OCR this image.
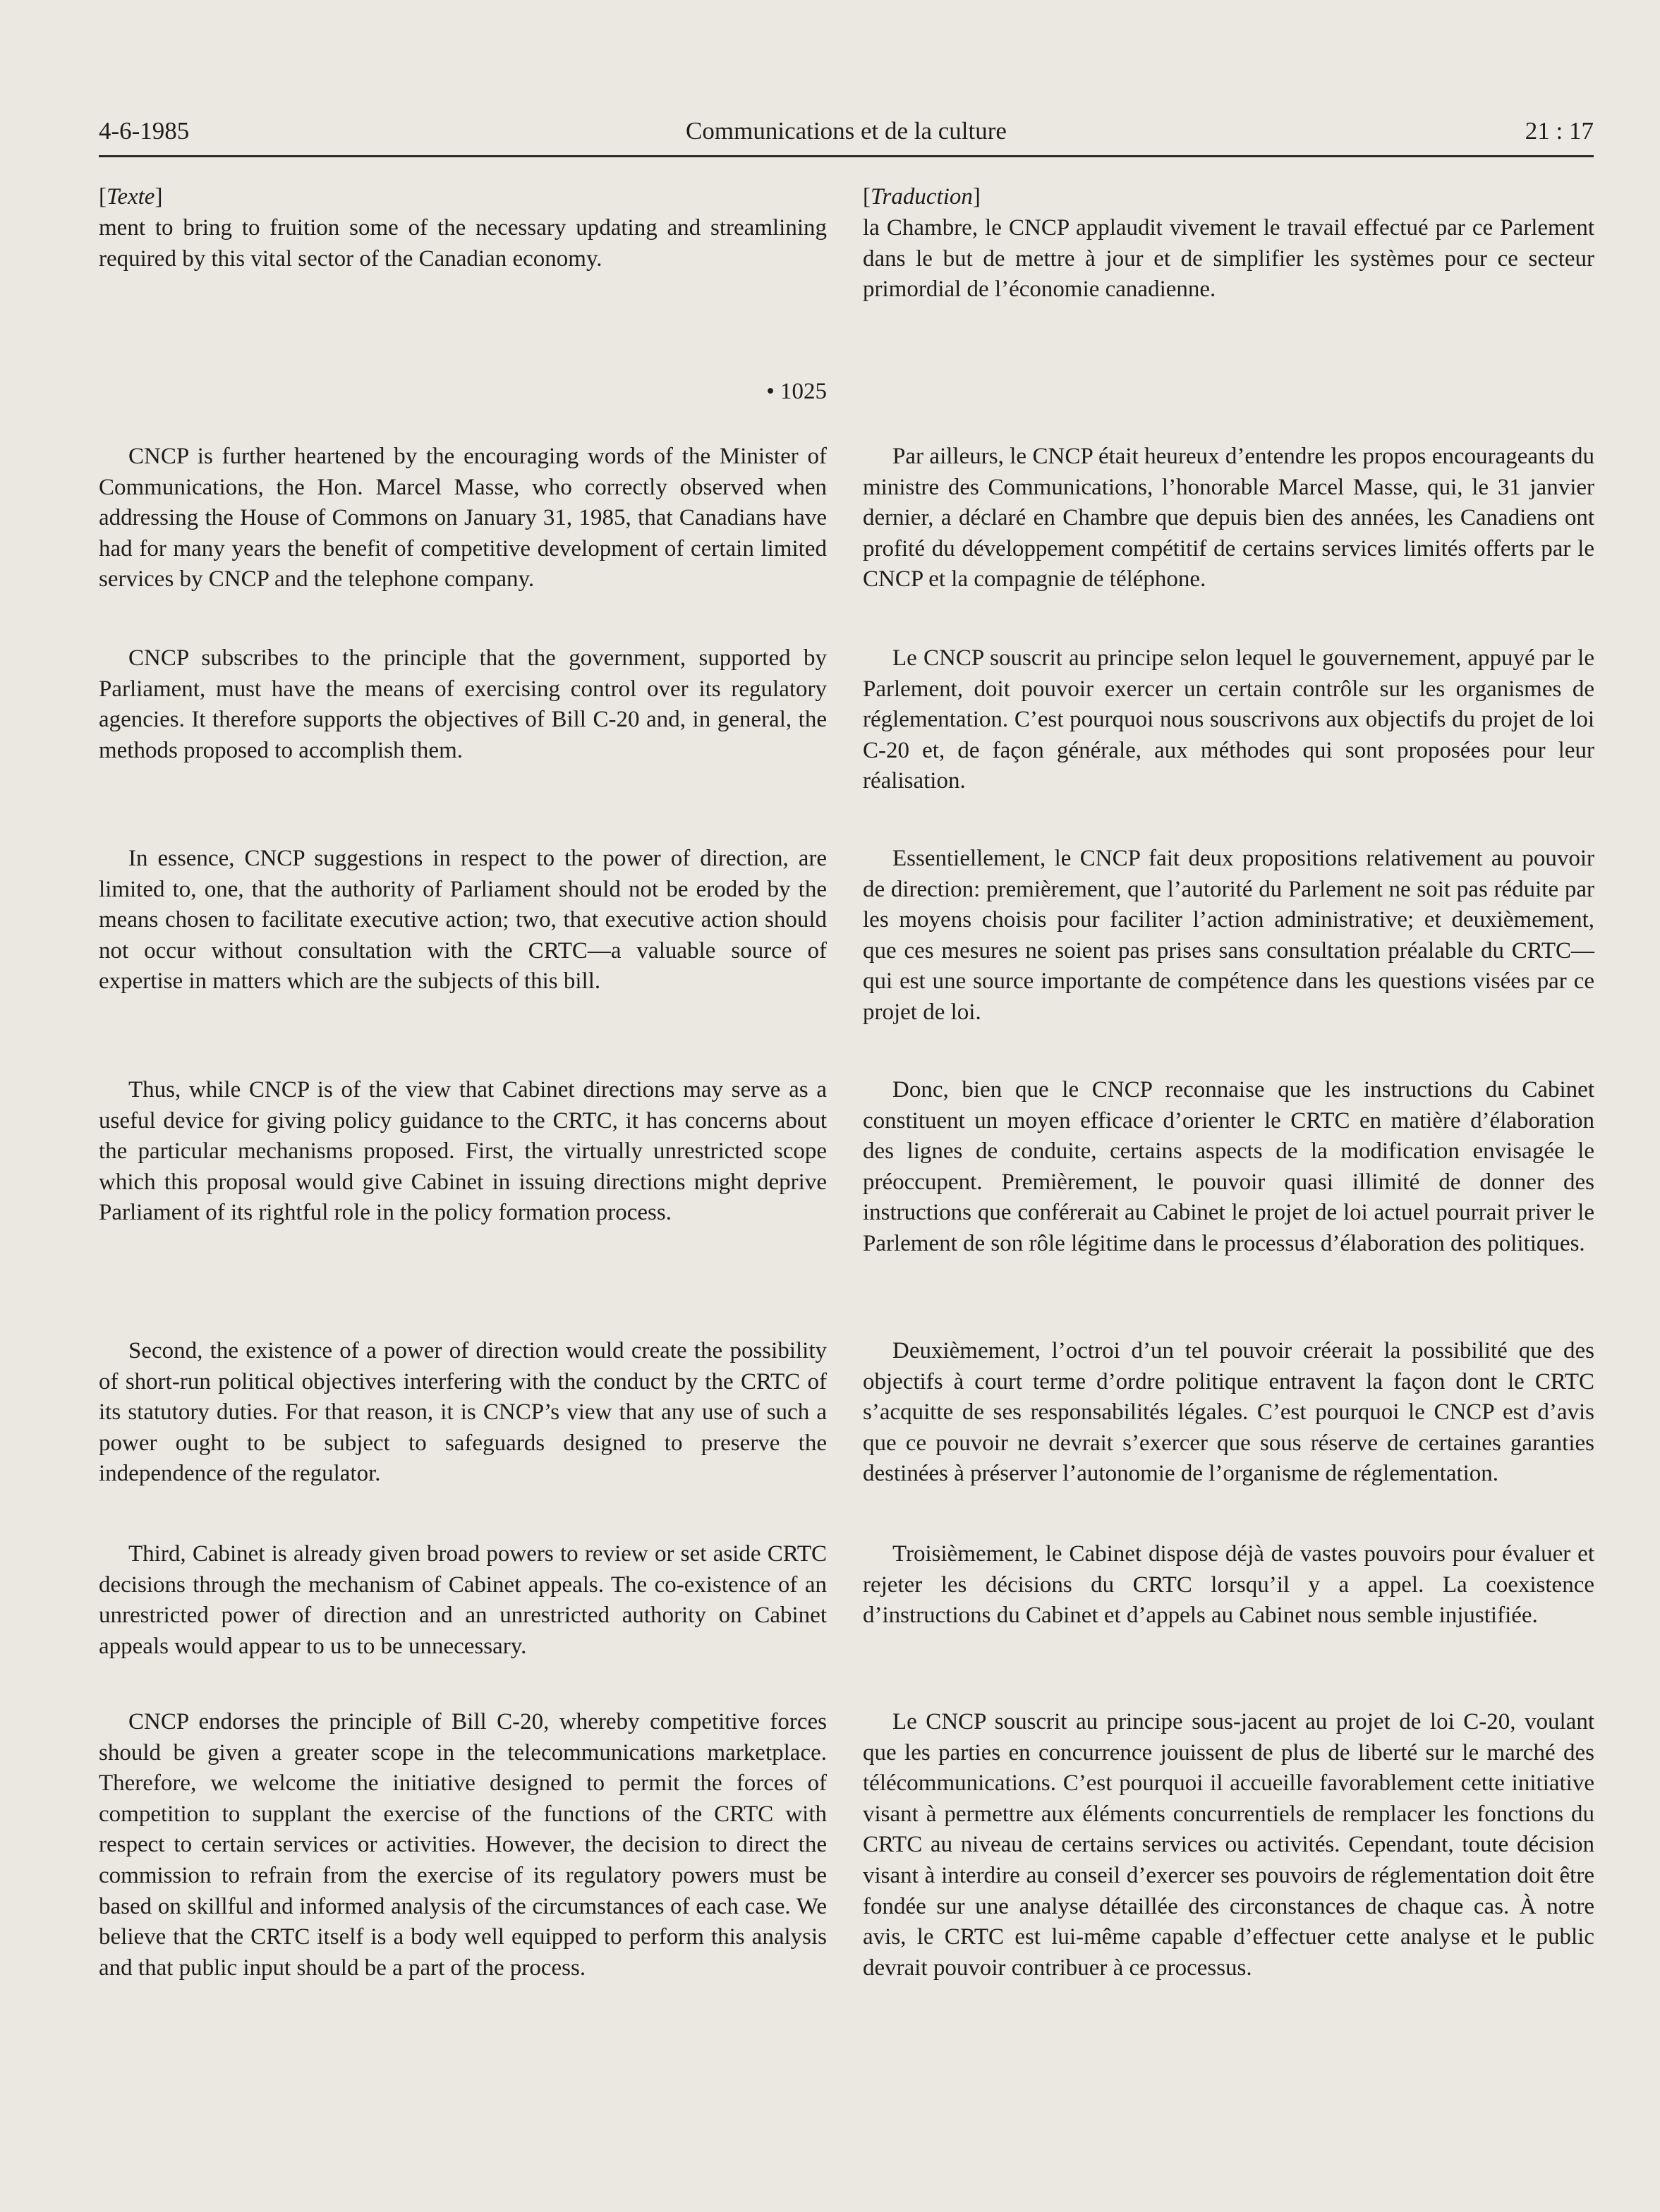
4-6-1985	Communications et de la culture	21 : 17
[Texte]

ment to bring to fruition some of the necessary updating and streamlining required by this vital sector of the Canadian economy.

• 1025

CNCP is further heartened by the encouraging words of the Minister of Communications, the Hon. Marcel Masse, who correctly observed when addressing the House of Commons on January 31, 1985, that Canadians have had for many years the benefit of competitive development of certain limited services by CNCP and the telephone company.

CNCP subscribes to the principle that the government, supported by Parliament, must have the means of exercising control over its regulatory agencies. It therefore supports the objectives of Bill C-20 and, in general, the methods proposed to accomplish them.

In essence, CNCP suggestions in respect to the power of direction, are limited to, one, that the authority of Parliament should not be eroded by the means chosen to facilitate executive action; two, that executive action should not occur without consultation with the CRTC—a valuable source of expertise in matters which are the subjects of this bill.

Thus, while CNCP is of the view that Cabinet directions may serve as a useful device for giving policy guidance to the CRTC, it has concerns about the particular mechanisms proposed. First, the virtually unrestricted scope which this proposal would give Cabinet in issuing directions might deprive Parliament of its rightful role in the policy formation process.

Second, the existence of a power of direction would create the possibility of short-run political objectives interfering with the conduct by the CRTC of its statutory duties. For that reason, it is CNCP’s view that any use of such a power ought to be subject to safeguards designed to preserve the independence of the regulator.

Third, Cabinet is already given broad powers to review or set aside CRTC decisions through the mechanism of Cabinet appeals. The co-existence of an unrestricted power of direction and an unrestricted authority on Cabinet appeals would appear to us to be unnecessary.

CNCP endorses the principle of Bill C-20, whereby competitive forces should be given a greater scope in the telecommunications marketplace. Therefore, we welcome the initiative designed to permit the forces of competition to supplant the exercise of the functions of the CRTC with respect to certain services or activities. However, the decision to direct the commission to refrain from the exercise of its regulatory powers must be based on skillful and informed analysis of the circumstances of each case. We believe that the CRTC itself is a body well equipped to perform this analysis and that public input should be a part of the process.

[Traduction]

la Chambre, le CNCP applaudit vivement le travail effectué par ce Parlement dans le but de mettre à jour et de simplifier les systèmes pour ce secteur primordial de l’économie canadienne.

Par ailleurs, le CNCP était heureux d’entendre les propos encourageants du ministre des Communications, l’honorable Marcel Masse, qui, le 31 janvier dernier, a déclaré en Chambre que depuis bien des années, les Canadiens ont profité du développement compétitif de certains services limités offerts par le CNCP et la compagnie de téléphone.

Le CNCP souscrit au principe selon lequel le gouvernement, appuyé par le Parlement, doit pouvoir exercer un certain contrôle sur les organismes de réglementation. C’est pourquoi nous souscrivons aux objectifs du projet de loi C-20 et, de façon générale, aux méthodes qui sont proposées pour leur réalisation.

Essentiellement, le CNCP fait deux propositions relativement au pouvoir de direction: premièrement, que l’autorité du Parlement ne soit pas réduite par les moyens choisis pour faciliter l’action administrative; et deuxièmement, que ces mesures ne soient pas prises sans consultation préalable du CRTC—qui est une source importante de compétence dans les questions visées par ce projet de loi.

Donc, bien que le CNCP reconnaise que les instructions du Cabinet constituent un moyen efficace d’orienter le CRTC en matière d’élaboration des lignes de conduite, certains aspects de la modification envisagée le préoccupent. Premièrement, le pouvoir quasi illimité de donner des instructions que conférerait au Cabinet le projet de loi actuel pourrait priver le Parlement de son rôle légitime dans le processus d’élaboration des politiques.

Deuxièmement, l’octroi d’un tel pouvoir créerait la possibilité que des objectifs à court terme d’ordre politique entravent la façon dont le CRTC s’acquitte de ses responsabilités légales. C’est pourquoi le CNCP est d’avis que ce pouvoir ne devrait s’exercer que sous réserve de certaines garanties destinées à préserver l’autonomie de l’organisme de réglementation.

Troisièmement, le Cabinet dispose déjà de vastes pouvoirs pour évaluer et rejeter les décisions du CRTC lorsqu’il y a appel. La coexistence d’instructions du Cabinet et d’appels au Cabinet nous semble injustifiée.

Le CNCP souscrit au principe sous-jacent au projet de loi C-20, voulant que les parties en concurrence jouissent de plus de liberté sur le marché des télécommunications. C’est pourquoi il accueille favorablement cette initiative visant à permettre aux éléments concurrentiels de remplacer les fonctions du CRTC au niveau de certains services ou activités. Cependant, toute décision visant à interdire au conseil d’exercer ses pouvoirs de réglementation doit être fondée sur une analyse détaillée des circonstances de chaque cas. À notre avis, le CRTC est lui-même capable d’effectuer cette analyse et le public devrait pouvoir contribuer à ce processus.
